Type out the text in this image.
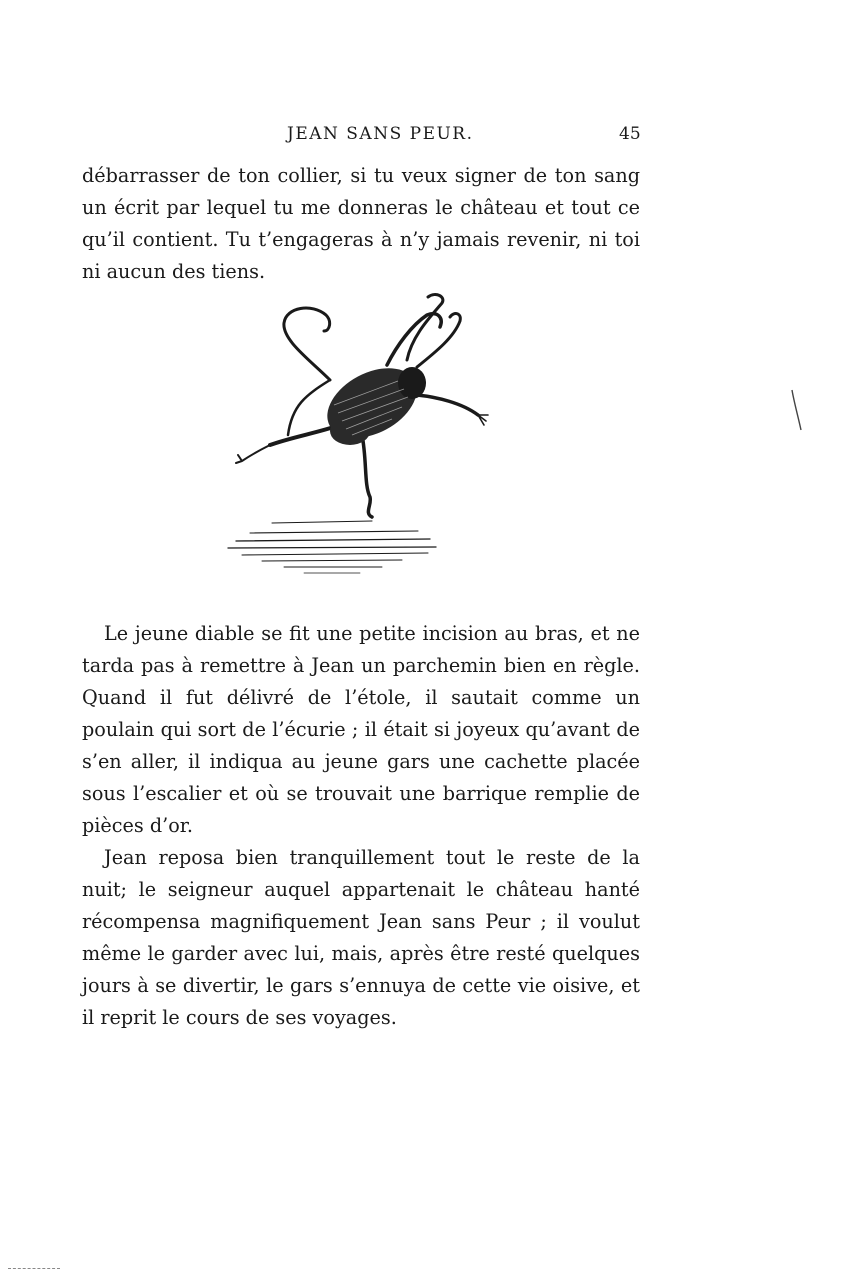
JEAN SANS PEUR.	45

débarrasser de ton collier, si tu veux signer de ton sang un écrit par lequel tu me donneras le château et tout ce qu’il contient. Tu t’engageras à n’y jamais revenir, ni toi ni aucun des tiens.

Le jeune diable se fit une petite incision au bras, et ne tarda pas à remettre à Jean un parchemin bien en règle. Quand il fut délivré de l’étole, il sautait comme un poulain qui sort de l’écurie ; il était si joyeux qu’avant de s’en aller, il indiqua au jeune gars une cachette placée sous l’escalier et où se trouvait une barrique remplie de pièces d’or.

Jean reposa bien tranquillement tout le reste de la nuit; le seigneur auquel appartenait le château hanté récompensa magnifiquement Jean sans Peur ; il voulut même le garder avec lui, mais, après être resté quelques jours à se divertir, le gars s’ennuya de cette vie oisive, et il reprit le cours de ses voyages.
